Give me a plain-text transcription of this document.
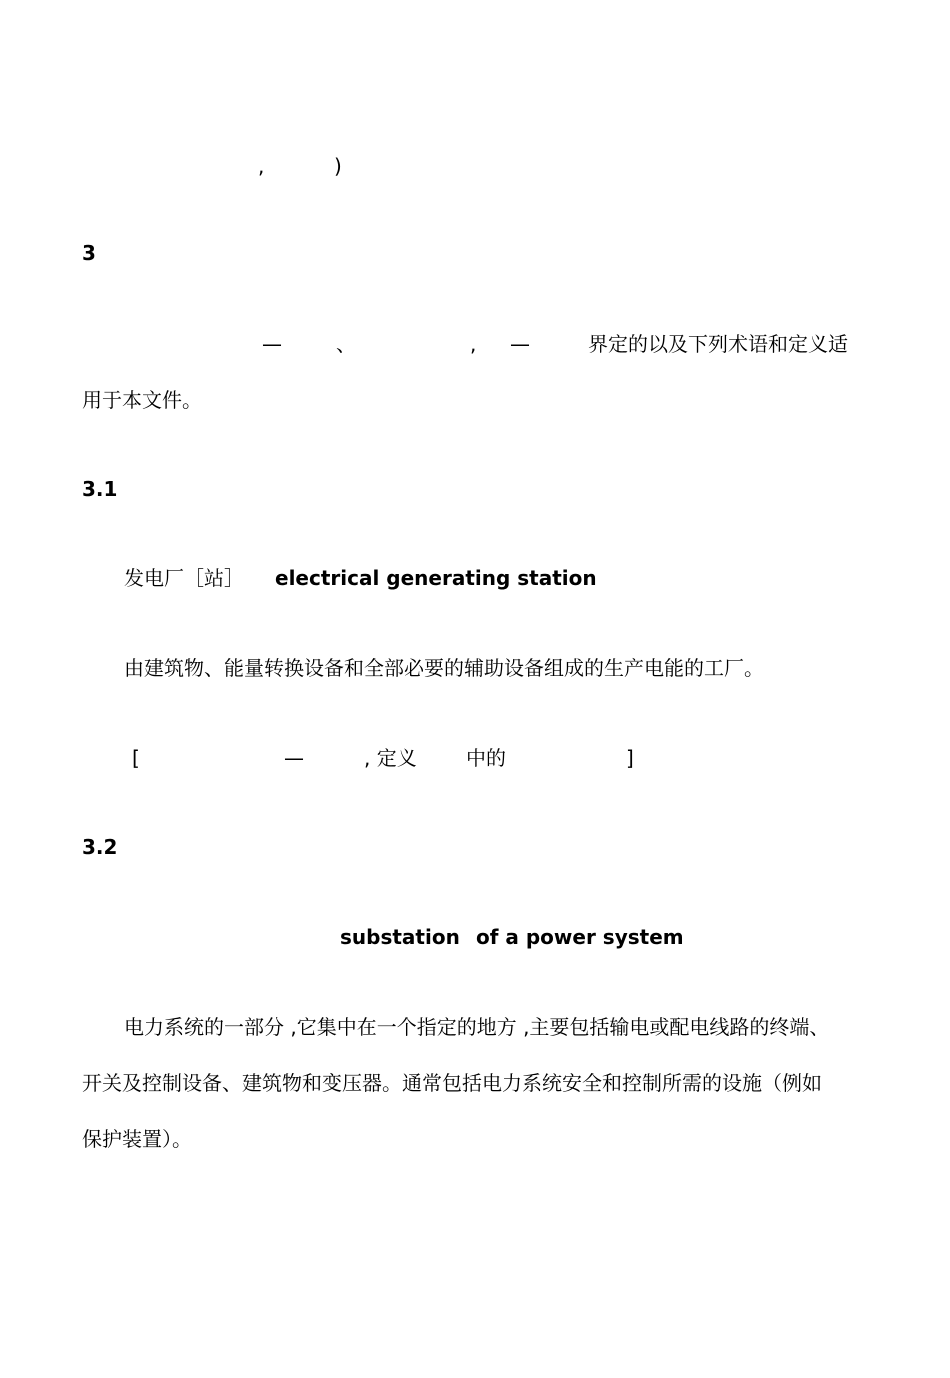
,	)
3
—	、	, —	界定的以及下列术语和定义适
用于本文件。
3.1
发电厂［站］ electrical generating station
由建筑物、能量转换设备和全部必要的辅助设备组成的生产电能的工厂。
[	—	, 定义 中的	]
3.2
substation of a power system
电力系统的一部分 ,它集中在一个指定的地方 ,主要包括输电或配电线路的终端、
开关及控制设备、建筑物和变压器。通常包括电力系统安全和控制所需的设施（例如
保护装置）。
